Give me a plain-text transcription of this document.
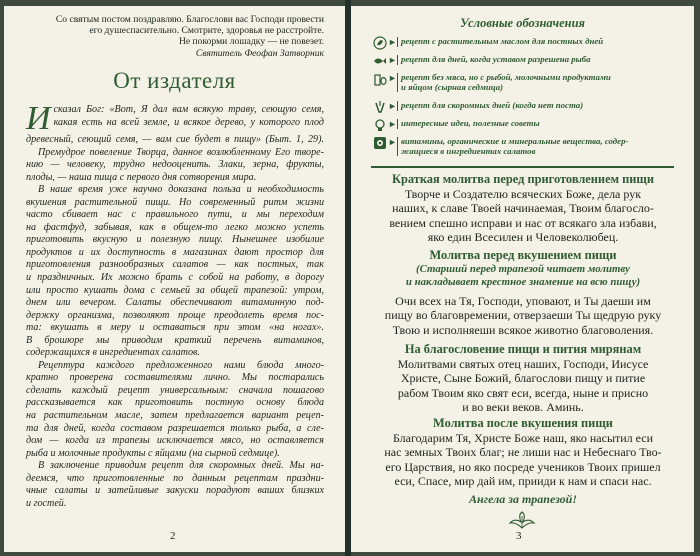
Со святым постом поздравляю. Благослови вас Господи провести
его душеспасительно. Смотрите, здоровья не расстройте.
Не покорми лошадку — не повезет.
Святитель Феофан Затворник
От издателя

И сказал Бог: «Вот, Я дал вам всякую траву, сеющую семя,
какая есть на всей земле, и всякое дерево, у которого плод
древесный, сеющий семя, — вам сие будет в пищу» (Быт. 1, 29).

Премудрое повеление Творца, данное возлюбленному Его творе-
нию — человеку, трудно недооценить. Злаки, зерна, фрукты,
плоды, — наша пища с первого дня сотворения мира.

В наше время уже научно доказана польза и необходимость
вкушения растительной пищи. Но современный ритм жизни
часто сбивает нас с правильного пути, и мы переходим
на фастфуд, забывая, как в общем-то легко можно успеть
приготовить вкусную и полезную пищу. Нынешнее изобилие
продуктов и их доступность в магазинах дают простор для
приготовления разнообразных салатов — как постных, так
и праздничных. Их можно брать с собой на работу, в дорогу
или просто кушать дома с семьей за общей трапезой: утром,
днем или вечером. Салаты обеспечивают витаминную под-
держку организма, позволяют проще преодолеть время пос-
та: вкушать в меру и оставаться при этом «на ногах».
В брошюре мы приводим краткий перечень витаминов,
содержащихся в ингредиентах салатов.

Рецептура каждого предложенного нами блюда много-
кратно проверена составителями лично. Мы постарались
сделать каждый рецепт универсальным: сначала пошагово
рассказывается как приготовить постную основу блюда
на растительном масле, затем предлагается вариант рецеп-
та для дней, когда составом разрешается только рыба, а сле-
дом — когда из трапезы исключается мясо, но оставляется
рыба и молочные продукты с яйцами (на сырной седмице).

В заключение приводим рецепт для скоромных дней. Мы на-
деемся, что приготовленные по данным рецептам праздни-
чные салаты и затейливые закуски порадуют ваших близких
и гостей.

2
Условные обозначения
► рецепт с растительным маслом для постных дней
► рецепт для дней, когда уставом разрешена рыба
► рецепт без мяса, но с рыбой, молочными продуктами
и яйцом (сырная седмица)
► рецепт для скоромных дней (когда нет поста)
► интересные идеи, полезные советы
► витамины, органические и минеральные вещества, содер-
жащиеся в ингредиентах салатов
Краткая молитва перед приготовлением пищи
Творче и Создателю всяческих Боже, дела рук
наших, к славе Твоей начинаемая, Твоим благосло-
вением спешно исправи и нас от всякаго зла избави,
яко един Всесилен и Человеколюбец.
Молитва перед вкушением пищи
(Старший перед трапезой читает молитву
и накладывает крестное знамение на всю пищу)
Очи всех на Тя, Господи, уповают, и Ты даеши им
пищу во благовремении, отверзаеши Ты щедрую руку
Твою и исполняеши всякое животно благоволения.
На благословение пищи и пития мирянам
Молитвами святых отец наших, Господи, Иисусе
Христе, Сыне Божий, благослови пищу и питие
рабом Твоим яко свят еси, всегда, ныне и присно
и во веки веков. Аминь.
Молитва после вкушения пищи
Благодарим Тя, Христе Боже наш, яко насытил еси
нас земных Твоих благ; не лиши нас и Небеснаго Тво-
его Царствия, но яко посреде учеников Твоих пришел
еси, Спасе, мир дай им, прииди к нам и спаси нас.
Ангела за трапезой!
3
